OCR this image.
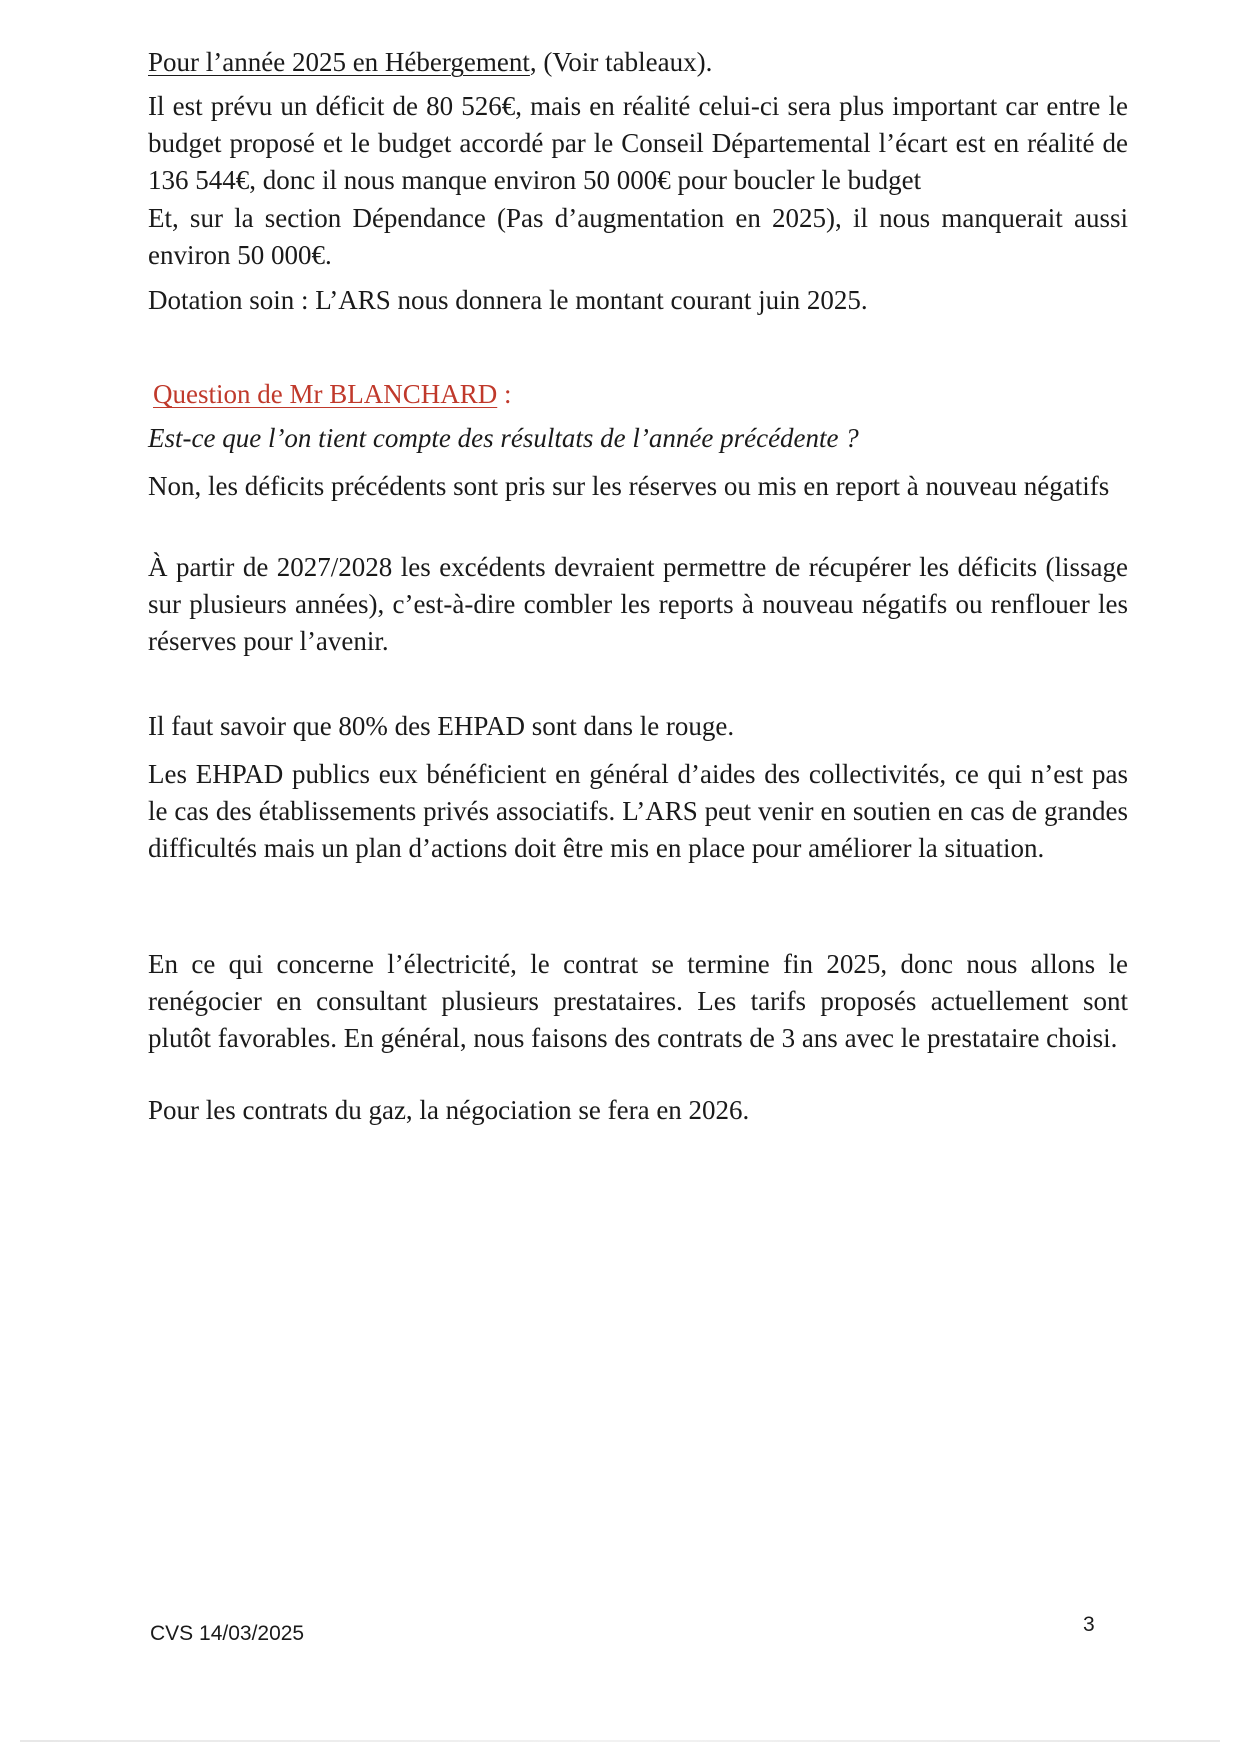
Pour l’année 2025 en Hébergement, (Voir tableaux).

Il est prévu un déficit de 80 526€, mais en réalité celui-ci sera plus important car entre le budget proposé et le budget accordé par le Conseil Départemental l’écart est en réalité de 136 544€, donc il nous manque environ 50 000€ pour boucler le budget

Et, sur la section Dépendance (Pas d’augmentation en 2025), il nous manquerait aussi environ 50 000€.

Dotation soin : L’ARS nous donnera le montant courant juin 2025.

Question de Mr BLANCHARD :

Est-ce que l’on tient compte des résultats de l’année précédente ?

Non, les déficits précédents sont pris sur les réserves ou mis en report à nouveau négatifs

À partir de 2027/2028 les excédents devraient permettre de récupérer les déficits (lissage sur plusieurs années), c’est-à-dire combler les reports à nouveau négatifs ou renflouer les réserves pour l’avenir.

Il faut savoir que 80% des EHPAD sont dans le rouge.

Les EHPAD publics eux bénéficient en général d’aides des collectivités, ce qui n’est pas le cas des établissements privés associatifs. L’ARS peut venir en soutien en cas de grandes difficultés mais un plan d’actions doit être mis en place pour améliorer la situation.

En ce qui concerne l’électricité, le contrat se termine fin 2025, donc nous allons le renégocier en consultant plusieurs prestataires. Les tarifs proposés actuellement sont plutôt favorables. En général, nous faisons des contrats de 3 ans avec le prestataire choisi.

Pour les contrats du gaz, la négociation se fera en 2026.

CVS 14/03/2025	3
